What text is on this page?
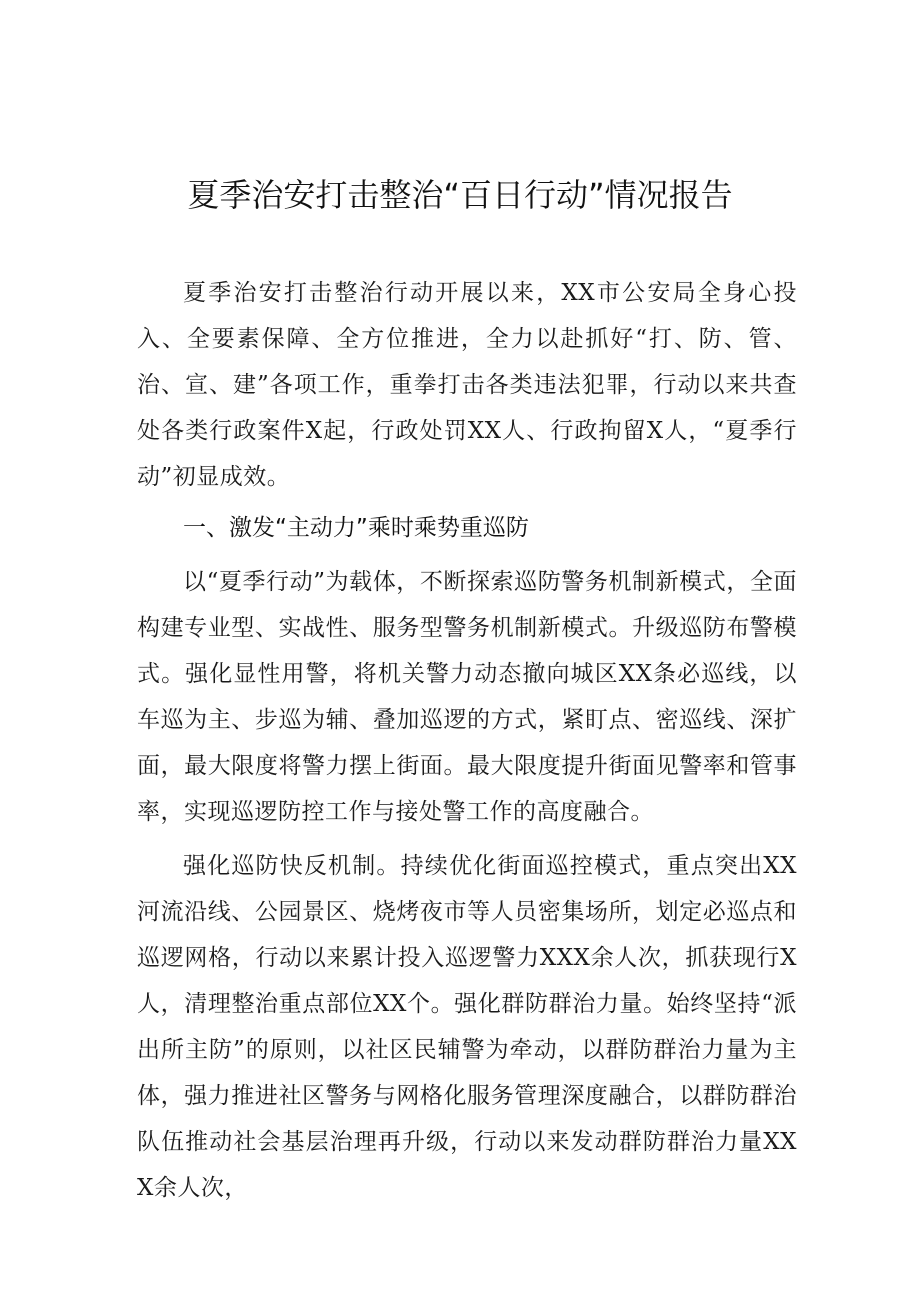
夏季治安打击整治“百日行动”情况报告

夏季治安打击整治行动开展以来，XX市公安局全身心投入、全要素保障、全方位推进，全力以赴抓好“打、防、管、治、宣、建”各项工作，重拳打击各类违法犯罪，行动以来共查处各类行政案件X起，行政处罚XX人、行政拘留X人，“夏季行动”初显成效。

一、激发“主动力”乘时乘势重巡防

以“夏季行动”为载体，不断探索巡防警务机制新模式，全面构建专业型、实战性、服务型警务机制新模式。升级巡防布警模式。强化显性用警，将机关警力动态撤向城区XX条必巡线，以车巡为主、步巡为辅、叠加巡逻的方式，紧盯点、密巡线、深扩面，最大限度将警力摆上街面。最大限度提升街面见警率和管事率，实现巡逻防控工作与接处警工作的高度融合。

强化巡防快反机制。持续优化街面巡控模式，重点突出XX河流沿线、公园景区、烧烤夜市等人员密集场所，划定必巡点和巡逻网格，行动以来累计投入巡逻警力XXX余人次，抓获现行X人，清理整治重点部位XX个。强化群防群治力量。始终坚持“派出所主防”的原则，以社区民辅警为牵动，以群防群治力量为主体，强力推进社区警务与网格化服务管理深度融合，以群防群治队伍推动社会基层治理再升级，行动以来发动群防群治力量XXX余人次，
